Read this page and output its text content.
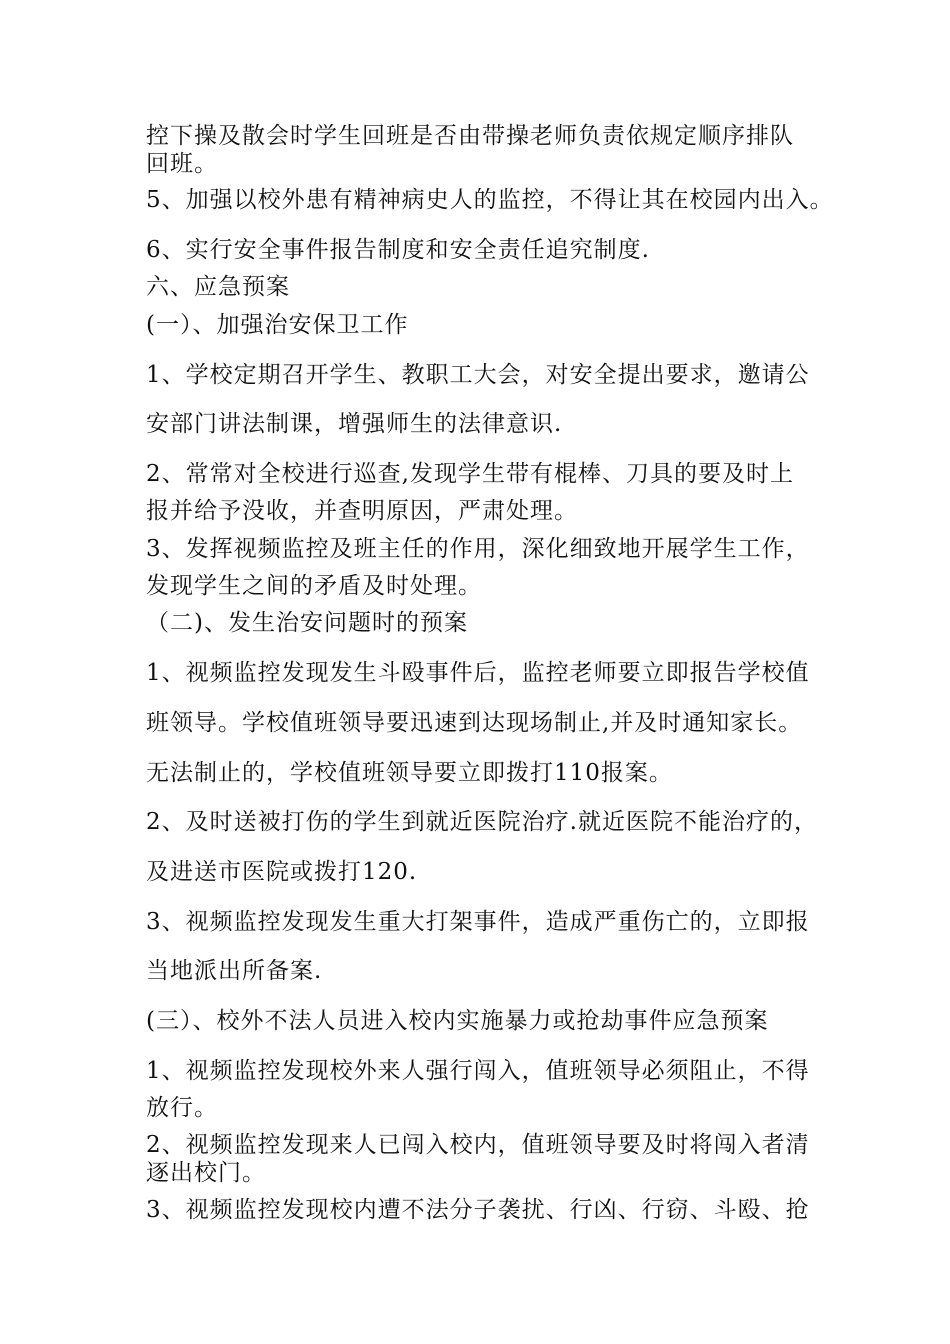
控下操及散会时学生回班是否由带操老师负责依规定顺序排队
回班。
5、加强以校外患有精神病史人的监控，不得让其在校园内出入。
6、实行安全事件报告制度和安全责任追究制度.
六、应急预案
(一）、加强治安保卫工作
1、学校定期召开学生、教职工大会，对安全提出要求，邀请公
安部门讲法制课，增强师生的法律意识.
2、常常对全校进行巡查,发现学生带有棍棒、刀具的要及时上
报并给予没收，并查明原因，严肃处理。
3、发挥视频监控及班主任的作用，深化细致地开展学生工作，
发现学生之间的矛盾及时处理。
（二)、发生治安问题时的预案
1、视频监控发现发生斗殴事件后，监控老师要立即报告学校值
班领导。学校值班领导要迅速到达现场制止,并及时通知家长。
无法制止的，学校值班领导要立即拨打110报案。
2、及时送被打伤的学生到就近医院治疗.就近医院不能治疗的，
及进送市医院或拨打120.
3、视频监控发现发生重大打架事件，造成严重伤亡的，立即报
当地派出所备案.
(三）、校外不法人员进入校内实施暴力或抢劫事件应急预案
1、视频监控发现校外来人强行闯入，值班领导必须阻止，不得
放行。
2、视频监控发现来人已闯入校内，值班领导要及时将闯入者清
逐出校门。
3、视频监控发现校内遭不法分子袭扰、行凶、行窃、斗殴、抢
